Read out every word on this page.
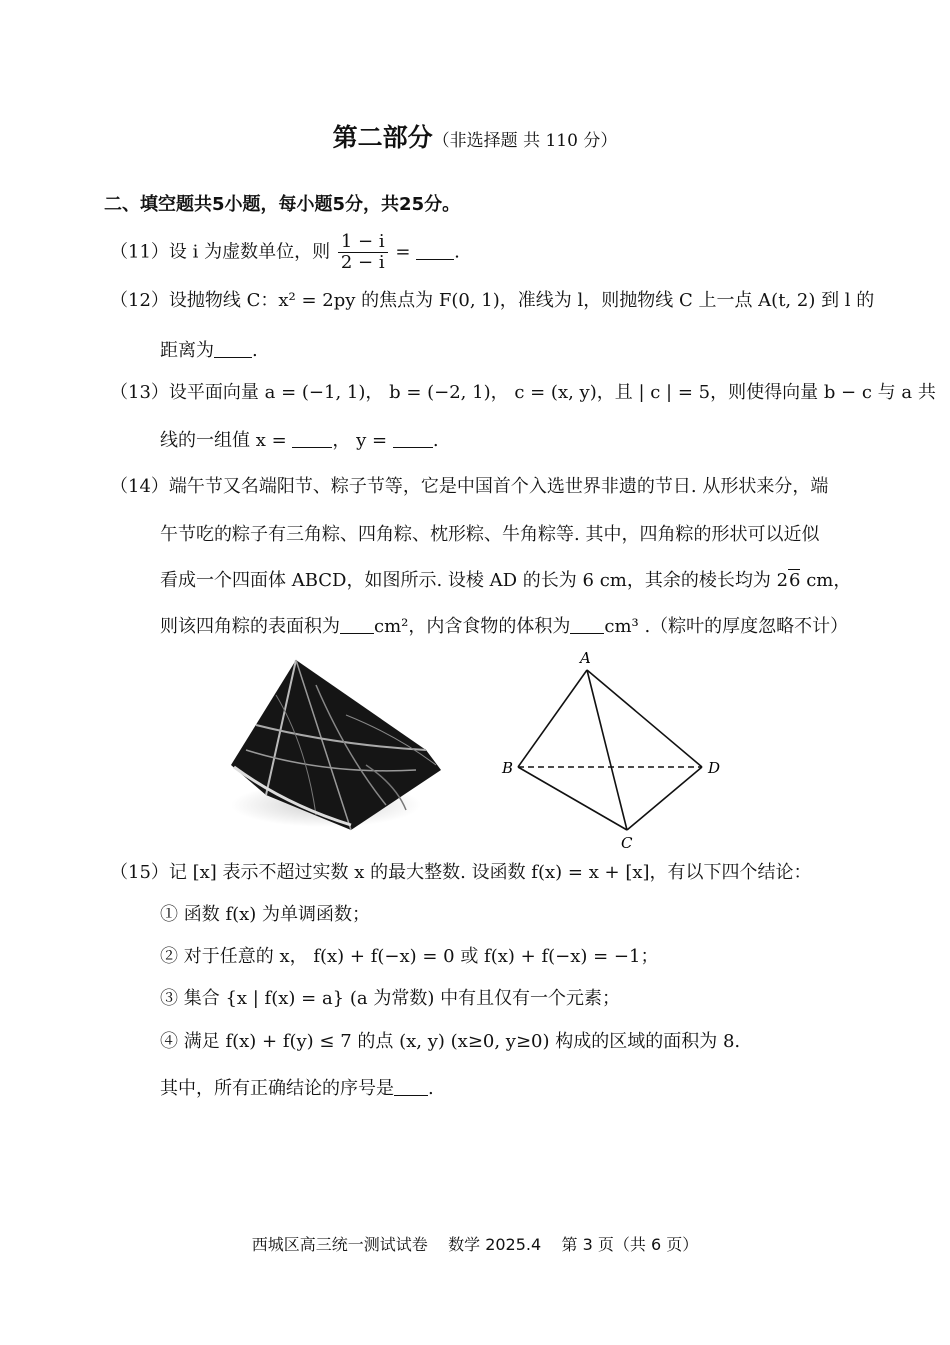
第二部分（非选择题 共 110 分）
二、填空题共5小题，每小题5分，共25分。
（11）设 i 为虚数单位，则 $\frac{1 - i}{2 - i}$ = .
（12）设抛物线 C：x² = 2py 的焦点为 F(0, 1)，准线为 l，则抛物线 C 上一点 A(t, 2) 到 l 的
距离为 .
（13）设平面向量 a = (−1, 1)， b = (−2, 1)， c = (x, y)，且 | c | = 5，则使得向量 b − c 与 a 共
线的一组值 x =	， y =	.
（14）端午节又名端阳节、粽子节等，它是中国首个入选世界非遗的节日. 从形状来分，端
午节吃的粽子有三角粽、四角粽、枕形粽、牛角粽等. 其中，四角粽的形状可以近似
看成一个四面体 ABCD，如图所示. 设棱 AD 的长为 6 cm，其余的棱长均为 26 cm，
则该四角粽的表面积为 cm²，内含食物的体积为 cm³ .（粽叶的厚度忽略不计）
A
B	D
C
（15）记 [x] 表示不超过实数 x 的最大整数. 设函数 f(x) = x + [x]，有以下四个结论：
① 函数 f(x) 为单调函数；
② 对于任意的 x， f(x) + f(−x) = 0 或 f(x) + f(−x) = −1；
③ 集合 {x | f(x) = a} (a 为常数) 中有且仅有一个元素；
④ 满足 f(x) + f(y) ≤ 7 的点 (x, y) (x≥0, y≥0) 构成的区域的面积为 8.
其中，所有正确结论的序号是 .
西城区高三统一测试试卷    数学 2025.4    第 3 页（共 6 页）
